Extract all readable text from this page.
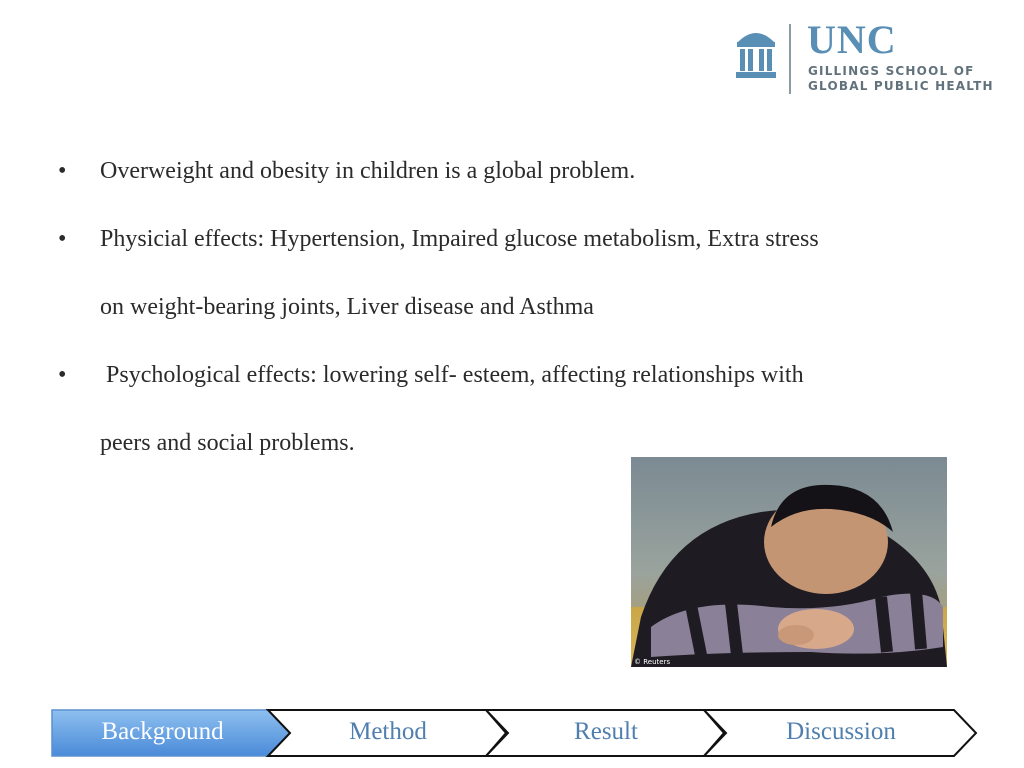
UNC
GILLINGS SCHOOL OF
GLOBAL PUBLIC HEALTH
• Overweight and obesity in children is a global problem.
• Physicial effects: Hypertension, Impaired glucose metabolism, Extra stress
on weight-bearing joints, Liver disease and Asthma
• Psychological effects: lowering self- esteem, affecting relationships with
peers and social problems.
© Reuters
Background	Method	Result	Discussion
